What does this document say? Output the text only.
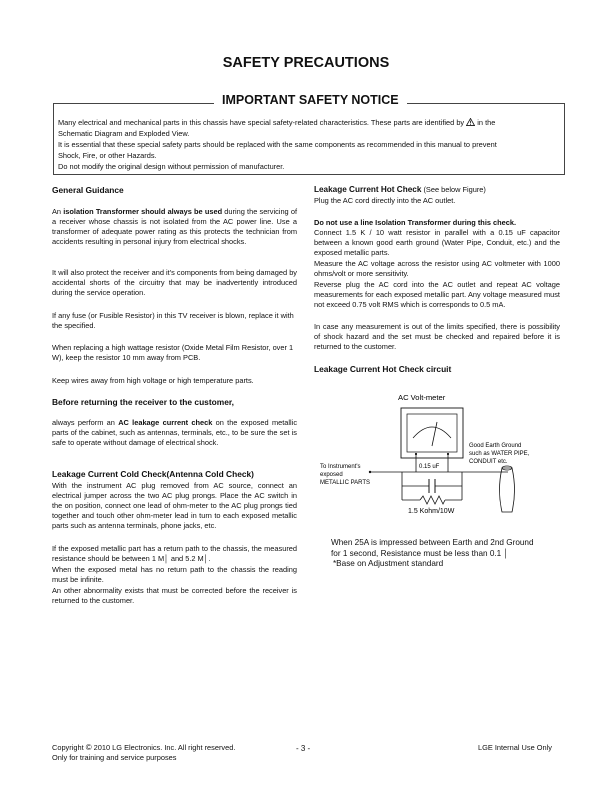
SAFETY PRECAUTIONS
IMPORTANT SAFETY NOTICE

Many electrical and mechanical parts in this chassis have special safety-related characteristics. These parts are identified by in the

Schematic Diagram and Exploded View.

It is essential that these special safety parts should be replaced with the same components as recommended in this manual to prevent

Shock, Fire, or other Hazards.

Do not modify the original design without permission of manufacturer.

General Guidance
An isolation Transformer should always be used during the servicing of a receiver whose chassis is not isolated from the AC power line. Use a transformer of adequate power rating as this protects the technician from accidents resulting in personal injury from electrical shocks.
It will also protect the receiver and it's components from being damaged by accidental shorts of the circuitry that may be inadvertently introduced during the service operation.
If any fuse (or Fusible Resistor) in this TV receiver is blown, replace it with the specified.
When replacing a high wattage resistor (Oxide Metal Film Resistor, over 1 W), keep the resistor 10 mm away from PCB.
Keep wires away from high voltage or high temperature parts.
Before returning the receiver to the customer,
always perform an AC leakage current check on the exposed metallic parts of the cabinet, such as antennas, terminals, etc., to be sure the set is safe to operate without damage of electrical shock.
Leakage Current Cold Check(Antenna Cold Check)
With the instrument AC plug removed from AC source, connect an electrical jumper across the two AC plug prongs. Place the AC switch in the on position, connect one lead of ohm-meter to the AC plug prongs tied together and touch other ohm-meter lead in turn to each exposed metallic parts such as antenna terminals, phone jacks, etc.
If the exposed metallic part has a return path to the chassis, the measured resistance should be between 1 M│ and 5.2 M│.
When the exposed metal has no return path to the chassis the reading must be infinite.
An other abnormality exists that must be corrected before the receiver is returned to the customer.
Leakage Current Hot Check (See below Figure)
Plug the AC cord directly into the AC outlet.
Do not use a line Isolation Transformer during this check.
Connect 1.5 K / 10 watt resistor in parallel with a 0.15 uF capacitor between a known good earth ground (Water Pipe, Conduit, etc.) and the exposed metallic parts.
Measure the AC voltage across the resistor using AC voltmeter with 1000 ohms/volt or more sensitivity.
Reverse plug the AC cord into the AC outlet and repeat AC voltage measurements for each exposed metallic part. Any voltage measured must not exceed 0.75 volt RMS which is corresponds to 0.5 mA.
In case any measurement is out of the limits specified, there is possibility of shock hazard and the set must be checked and repaired before it is returned to the customer.
Leakage Current Hot Check circuit
AC Volt-meter
0.15 uF
1.5 Kohm/10W
To Instrument's
exposed
METALLIC PARTS
Good Earth Ground
such as WATER PIPE,
CONDUIT etc.
When 25A is impressed between Earth and 2nd Ground
for 1 second, Resistance must be less than 0.1 │
*Base on Adjustment standard
Copyright © 2010 LG Electronics. Inc. All right reserved.
Only for training and service purposes
- 3 -	LGE Internal Use Only
